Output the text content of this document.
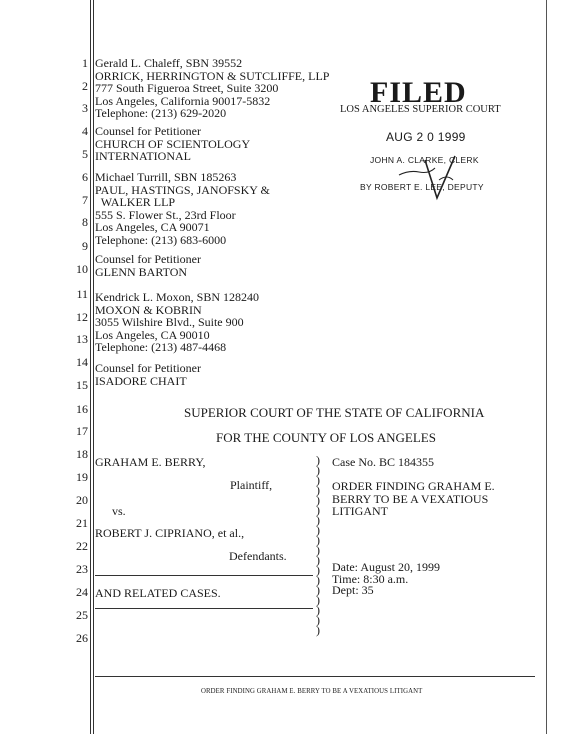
1
2
3
4
5
6
7
8
9
10
11
12
13
14
15
16
17
18
19
20
21
22
23
24
25
26
Gerald L. Chaleff, SBN 39552
ORRICK, HERRINGTON & SUTCLIFFE, LLP
777 South Figueroa Street, Suite 3200
Los Angeles, California 90017-5832
Telephone: (213) 629-2020
Counsel for Petitioner
CHURCH OF SCIENTOLOGY
INTERNATIONAL
Michael Turrill, SBN 185263
PAUL, HASTINGS, JANOFSKY &
WALKER LLP
555 S. Flower St., 23rd Floor
Los Angeles, CA 90071
Telephone: (213) 683-6000
Counsel for Petitioner
GLENN BARTON
Kendrick L. Moxon, SBN 128240
MOXON & KOBRIN
3055 Wilshire Blvd., Suite 900
Los Angeles, CA 90010
Telephone: (213) 487-4468
Counsel for Petitioner
ISADORE CHAIT
FILED
LOS ANGELES SUPERIOR COURT
AUG 2 0 1999
JOHN A. CLARKE, CLERK
BY ROBERT E. LEE, DEPUTY
SUPERIOR COURT OF THE STATE OF CALIFORNIA
FOR THE COUNTY OF LOS ANGELES
GRAHAM E. BERRY,
Plaintiff,
vs.
ROBERT J. CIPRIANO, et al.,
Defendants.
AND RELATED CASES.
)
)
)
)
)
)
)
)
)
)
)
)
)
)
)
)
)
)
Case No. BC 184355
ORDER FINDING GRAHAM E.
BERRY TO BE A VEXATIOUS
LITIGANT
Date: August 20, 1999
Time: 8:30 a.m.
Dept: 35
ORDER FINDING GRAHAM E. BERRY TO BE A VEXATIOUS LITIGANT
